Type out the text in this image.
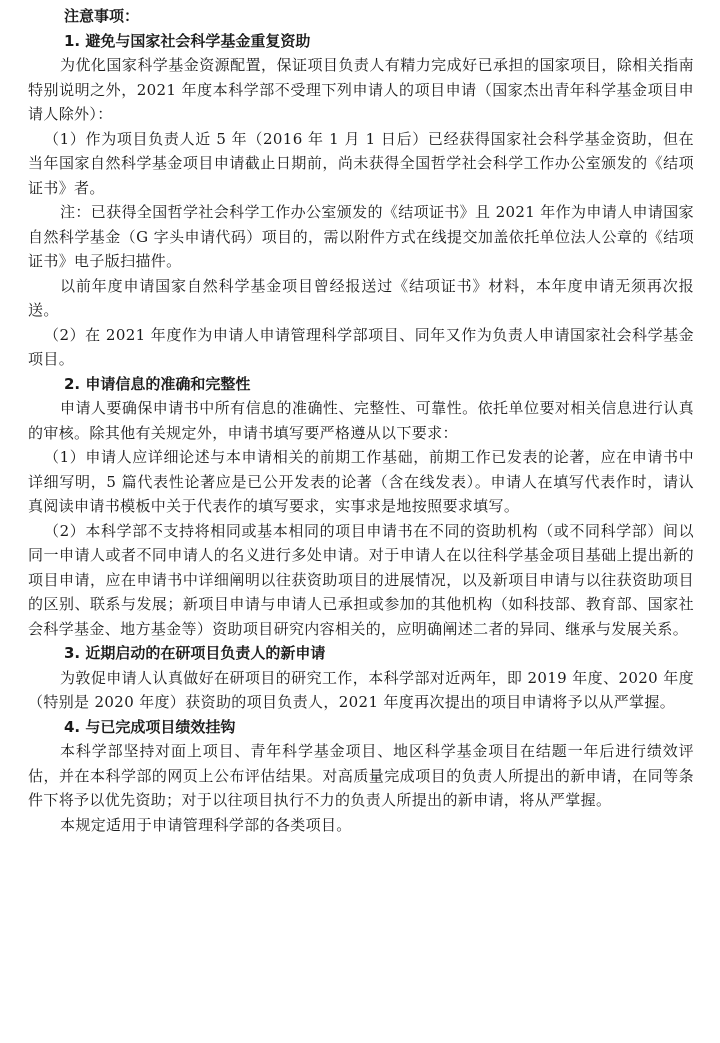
注意事项：
1. 避免与国家社会科学基金重复资助

为优化国家科学基金资源配置，保证项目负责人有精力完成好已承担的国家项目，除相关指南特别说明之外，2021 年度本科学部不受理下列申请人的项目申请（国家杰出青年科学基金项目申请人除外）：

（1）作为项目负责人近 5 年（2016 年 1 月 1 日后）已经获得国家社会科学基金资助，但在当年国家自然科学基金项目申请截止日期前，尚未获得全国哲学社会科学工作办公室颁发的《结项证书》者。

注：已获得全国哲学社会科学工作办公室颁发的《结项证书》且 2021 年作为申请人申请国家自然科学基金（G 字头申请代码）项目的，需以附件方式在线提交加盖依托单位法人公章的《结项证书》电子版扫描件。

以前年度申请国家自然科学基金项目曾经报送过《结项证书》材料，本年度申请无须再次报送。

（2）在 2021 年度作为申请人申请管理科学部项目、同年又作为负责人申请国家社会科学基金项目。

2. 申请信息的准确和完整性

申请人要确保申请书中所有信息的准确性、完整性、可靠性。依托单位要对相关信息进行认真的审核。除其他有关规定外，申请书填写要严格遵从以下要求：

（1）申请人应详细论述与本申请相关的前期工作基础，前期工作已发表的论著，应在申请书中详细写明，5 篇代表性论著应是已公开发表的论著（含在线发表）。申请人在填写代表作时，请认真阅读申请书模板中关于代表作的填写要求，实事求是地按照要求填写。

（2）本科学部不支持将相同或基本相同的项目申请书在不同的资助机构（或不同科学部）间以同一申请人或者不同申请人的名义进行多处申请。对于申请人在以往科学基金项目基础上提出新的项目申请，应在申请书中详细阐明以往获资助项目的进展情况，以及新项目申请与以往获资助项目的区别、联系与发展；新项目申请与申请人已承担或参加的其他机构（如科技部、教育部、国家社会科学基金、地方基金等）资助项目研究内容相关的，应明确阐述二者的异同、继承与发展关系。

3. 近期启动的在研项目负责人的新申请

为敦促申请人认真做好在研项目的研究工作，本科学部对近两年，即 2019 年度、2020 年度（特别是 2020 年度）获资助的项目负责人，2021 年度再次提出的项目申请将予以从严掌握。

4. 与已完成项目绩效挂钩

本科学部坚持对面上项目、青年科学基金项目、地区科学基金项目在结题一年后进行绩效评估，并在本科学部的网页上公布评估结果。对高质量完成项目的负责人所提出的新申请，在同等条件下将予以优先资助；对于以往项目执行不力的负责人所提出的新申请，将从严掌握。

本规定适用于申请管理科学部的各类项目。
